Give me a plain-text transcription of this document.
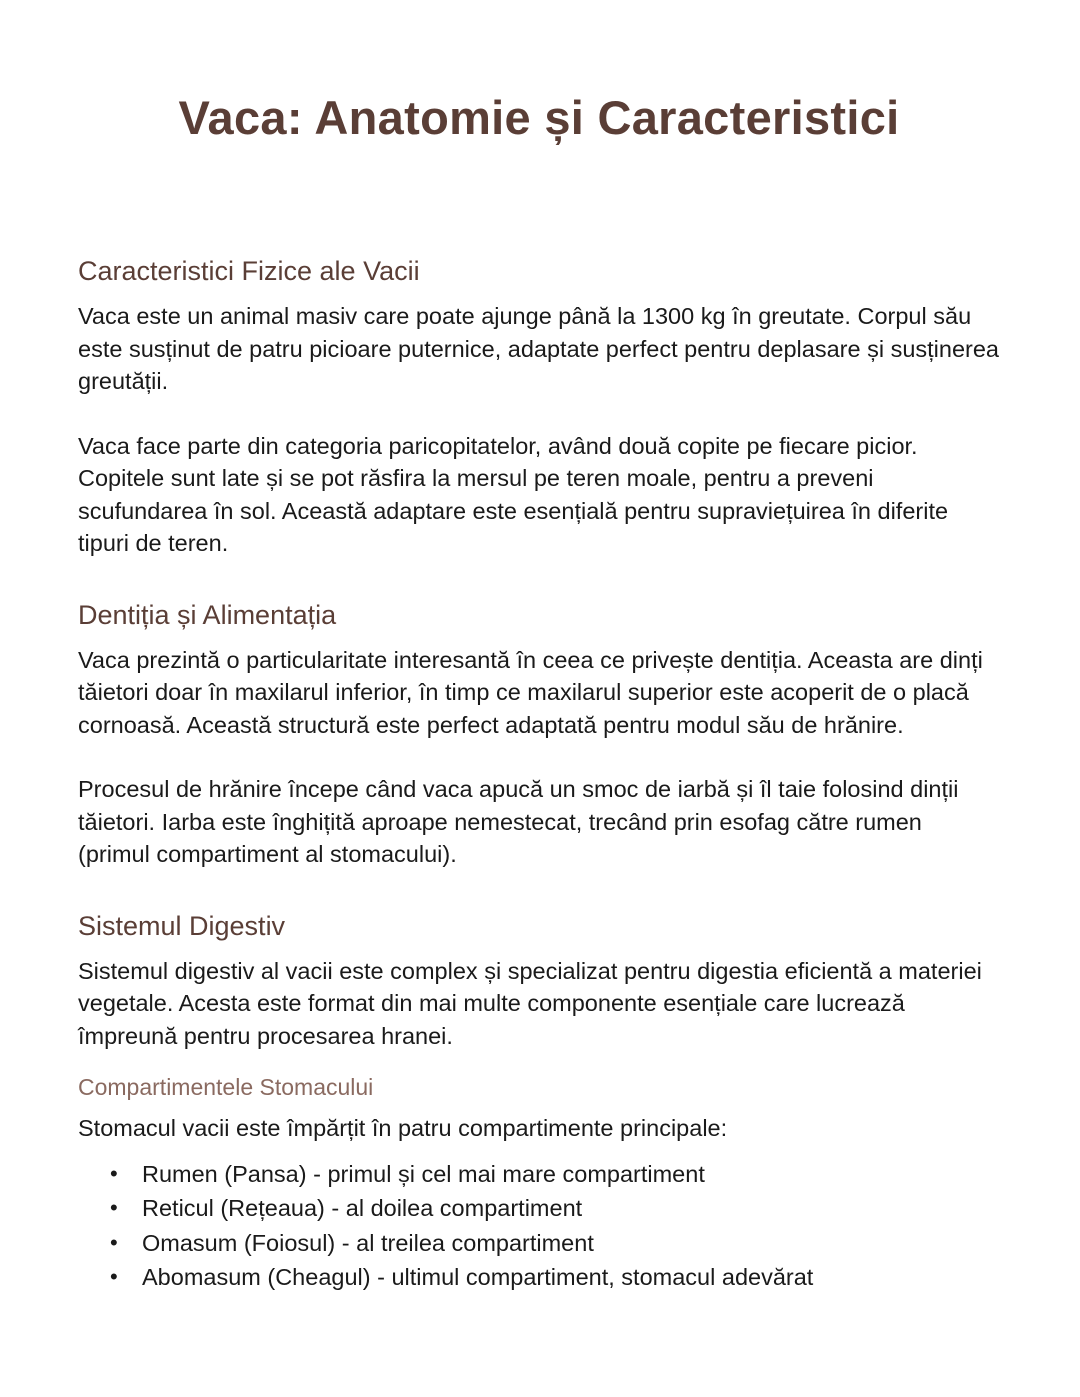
Vaca: Anatomie și Caracteristici
Caracteristici Fizice ale Vacii

Vaca este un animal masiv care poate ajunge până la 1300 kg în greutate. Corpul său este susținut de patru picioare puternice, adaptate perfect pentru deplasare și susținerea greutății.

Vaca face parte din categoria paricopitatelor, având două copite pe fiecare picior. Copitele sunt late și se pot răsfira la mersul pe teren moale, pentru a preveni scufundarea în sol. Această adaptare este esențială pentru supraviețuirea în diferite tipuri de teren.

Dentiția și Alimentația

Vaca prezintă o particularitate interesantă în ceea ce privește dentiția. Aceasta are dinți tăietori doar în maxilarul inferior, în timp ce maxilarul superior este acoperit de o placă cornoasă. Această structură este perfect adaptată pentru modul său de hrănire.

Procesul de hrănire începe când vaca apucă un smoc de iarbă și îl taie folosind dinții tăietori. Iarba este înghițită aproape nemestecat, trecând prin esofag către rumen (primul compartiment al stomacului).

Sistemul Digestiv

Sistemul digestiv al vacii este complex și specializat pentru digestia eficientă a materiei vegetale. Acesta este format din mai multe componente esențiale care lucrează împreună pentru procesarea hranei.

Compartimentele Stomacului

Stomacul vacii este împărțit în patru compartimente principale:

• Rumen (Pansa) - primul și cel mai mare compartiment
• Reticul (Rețeaua) - al doilea compartiment
• Omasum (Foiosul) - al treilea compartiment
• Abomasum (Cheagul) - ultimul compartiment, stomacul adevărat
